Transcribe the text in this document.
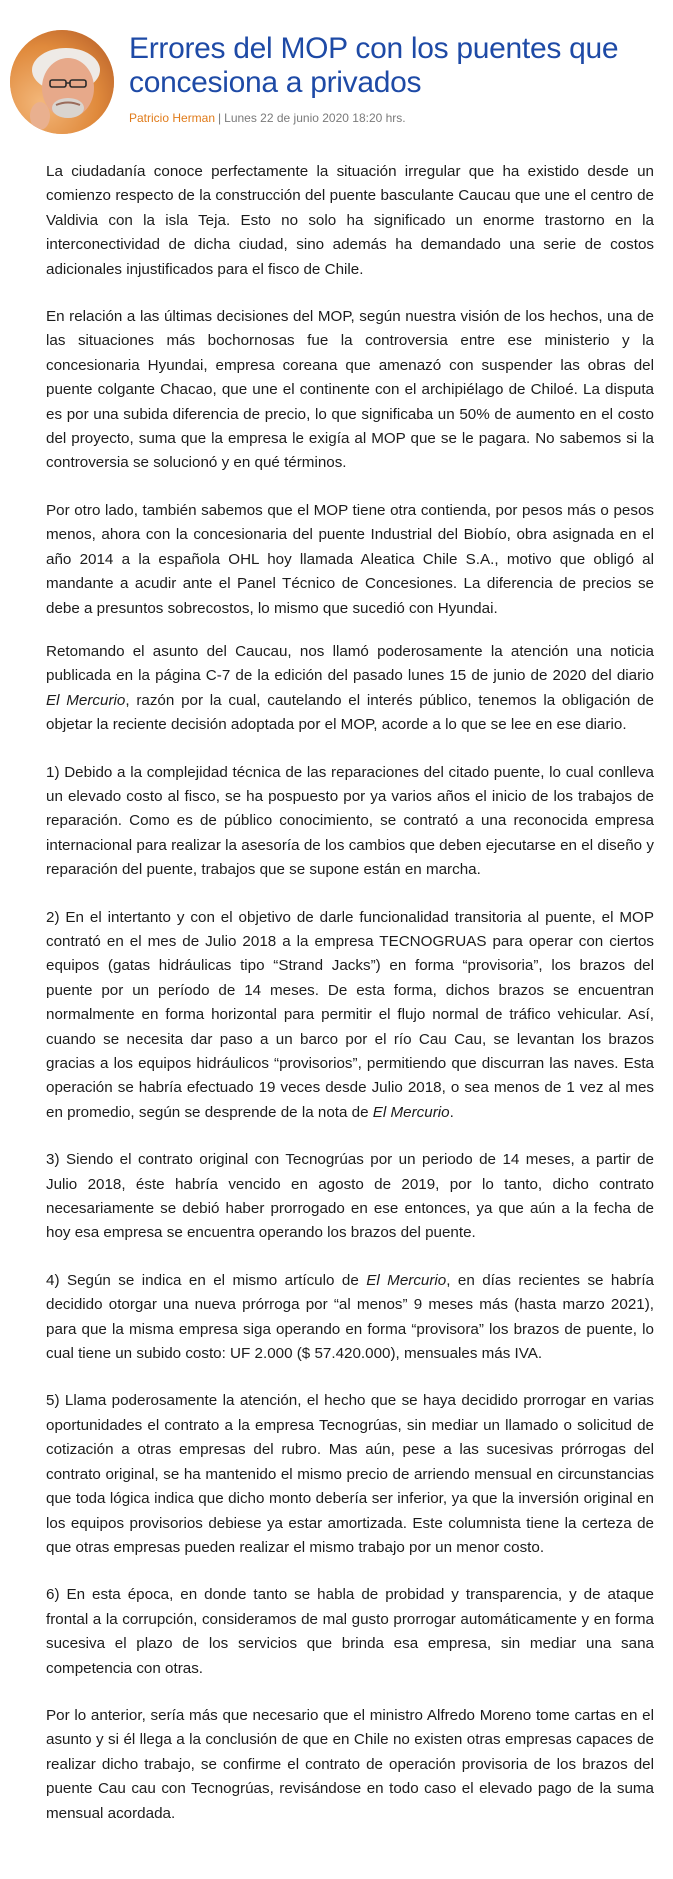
Errores del MOP con los puentes que concesiona a privados
Patricio Herman | Lunes 22 de junio 2020 18:20 hrs.

La ciudadanía conoce perfectamente la situación irregular que ha existido desde un comienzo respecto de la construcción del puente basculante Caucau que une el centro de Valdivia con la isla Teja. Esto no solo ha significado un enorme trastorno en la interconectividad de dicha ciudad, sino además ha demandado una serie de costos adicionales injustificados para el fisco de Chile.

En relación a las últimas decisiones del MOP, según nuestra visión de los hechos, una de las situaciones más bochornosas fue la controversia entre ese ministerio y la concesionaria Hyundai, empresa coreana que amenazó con suspender las obras del puente colgante Chacao, que une el continente con el archipiélago de Chiloé. La disputa es por una subida diferencia de precio, lo que significaba un 50% de aumento en el costo del proyecto, suma que la empresa le exigía al MOP que se le pagara. No sabemos si la controversia se solucionó y en qué términos.

Por otro lado, también sabemos que el MOP tiene otra contienda, por pesos más o pesos menos, ahora con la concesionaria del puente Industrial del Biobío, obra asignada en el año 2014 a la española OHL hoy llamada Aleatica Chile S.A., motivo que obligó al mandante a acudir ante el Panel Técnico de Concesiones. La diferencia de precios se debe a presuntos sobrecostos, lo mismo que sucedió con Hyundai.

Retomando el asunto del Caucau, nos llamó poderosamente la atención una noticia publicada en la página C-7 de la edición del pasado lunes 15 de junio de 2020 del diario El Mercurio, razón por la cual, cautelando el interés público, tenemos la obligación de objetar la reciente decisión adoptada por el MOP, acorde a lo que se lee en ese diario.

1) Debido a la complejidad técnica de las reparaciones del citado puente, lo cual conlleva un elevado costo al fisco, se ha pospuesto por ya varios años el inicio de los trabajos de reparación. Como es de público conocimiento, se contrató a una reconocida empresa internacional para realizar la asesoría de los cambios que deben ejecutarse en el diseño y reparación del puente, trabajos que se supone están en marcha.

2) En el intertanto y con el objetivo de darle funcionalidad transitoria al puente, el MOP contrató en el mes de Julio 2018 a la empresa TECNOGRUAS para operar con ciertos equipos (gatas hidráulicas tipo “Strand Jacks”) en forma “provisoria”, los brazos del puente por un período de 14 meses. De esta forma, dichos brazos se encuentran normalmente en forma horizontal para permitir el flujo normal de tráfico vehicular. Así, cuando se necesita dar paso a un barco por el río Cau Cau, se levantan los brazos gracias a los equipos hidráulicos “provisorios”, permitiendo que discurran las naves. Esta operación se habría efectuado 19 veces desde Julio 2018, o sea menos de 1 vez al mes en promedio, según se desprende de la nota de El Mercurio.

3) Siendo el contrato original con Tecnogrúas por un periodo de 14 meses, a partir de Julio 2018, éste habría vencido en agosto de 2019, por lo tanto, dicho contrato necesariamente se debió haber prorrogado en ese entonces, ya que aún a la fecha de hoy esa empresa se encuentra operando los brazos del puente.

4) Según se indica en el mismo artículo de El Mercurio, en días recientes se habría decidido otorgar una nueva prórroga por “al menos” 9 meses más (hasta marzo 2021), para que la misma empresa siga operando en forma “provisora” los brazos de puente, lo cual tiene un subido costo: UF 2.000 ($ 57.420.000), mensuales más IVA.

5) Llama poderosamente la atención, el hecho que se haya decidido prorrogar en varias oportunidades el contrato a la empresa Tecnogrúas, sin mediar un llamado o solicitud de cotización a otras empresas del rubro. Mas aún, pese a las sucesivas prórrogas del contrato original, se ha mantenido el mismo precio de arriendo mensual en circunstancias que toda lógica indica que dicho monto debería ser inferior, ya que la inversión original en los equipos provisorios debiese ya estar amortizada. Este columnista tiene la certeza de que otras empresas pueden realizar el mismo trabajo por un menor costo.

6) En esta época, en donde tanto se habla de probidad y transparencia, y de ataque frontal a la corrupción, consideramos de mal gusto prorrogar automáticamente y en forma sucesiva el plazo de los servicios que brinda esa empresa, sin mediar una sana competencia con otras.

Por lo anterior, sería más que necesario que el ministro Alfredo Moreno tome cartas en el asunto y si él llega a la conclusión de que en Chile no existen otras empresas capaces de realizar dicho trabajo, se confirme el contrato de operación provisoria de los brazos del puente Cau cau con Tecnogrúas, revisándose en todo caso el elevado pago de la suma mensual acordada.
